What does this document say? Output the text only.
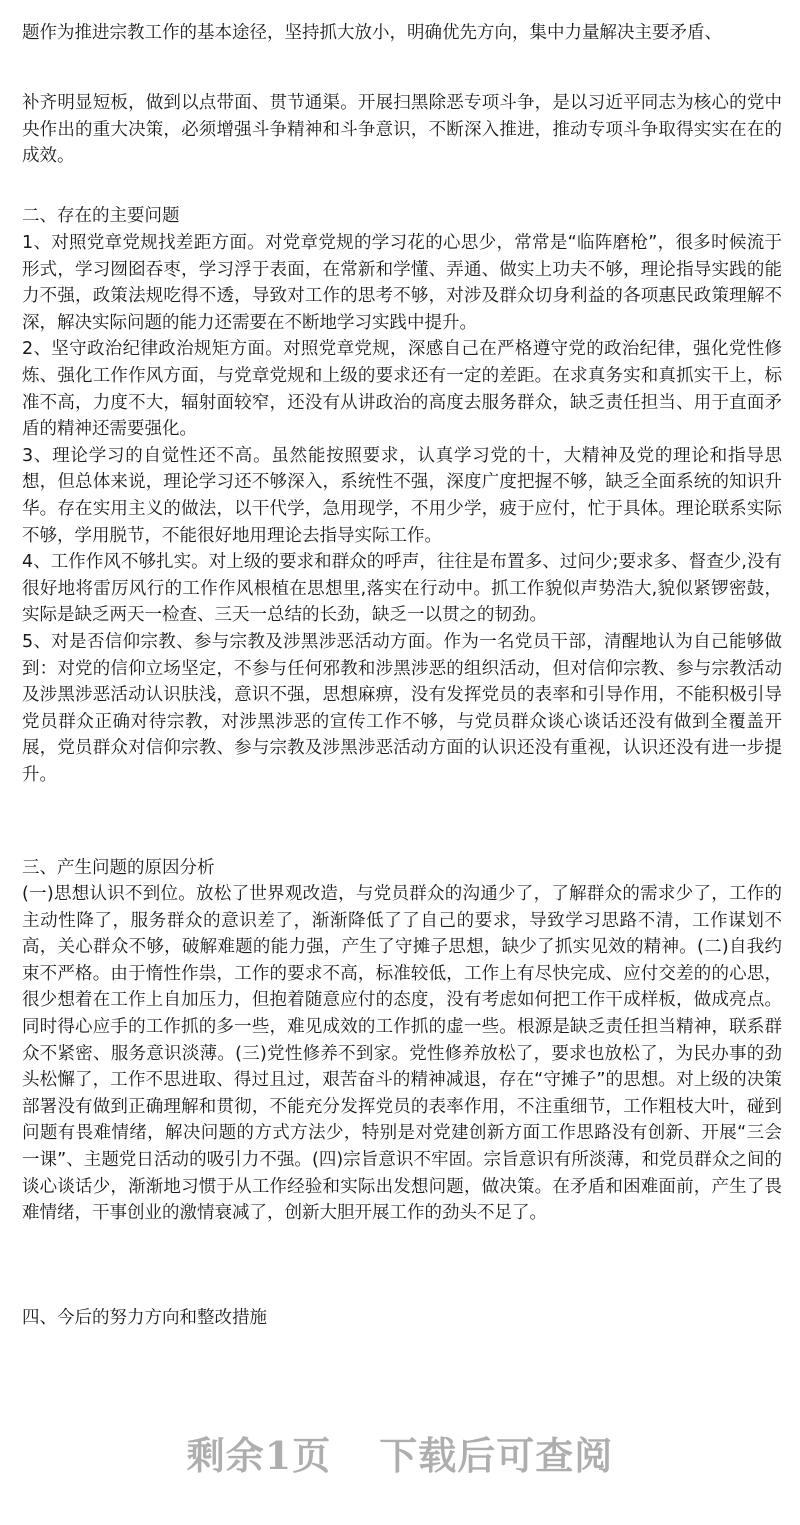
题作为推进宗教工作的基本途径，坚持抓大放小，明确优先方向，集中力量解决主要矛盾、
补齐明显短板，做到以点带面、贯节通渠。开展扫黑除恶专项斗争，是以习近平同志为核心的党中央作出的重大决策，必须增强斗争精神和斗争意识，不断深入推进，推动专项斗争取得实实在在的成效。
二、存在的主要问题

1、对照党章党规找差距方面。对党章党规的学习花的心思少，常常是“临阵磨枪”，很多时候流于形式，学习囫囵吞枣，学习浮于表面，在常新和学懂、弄通、做实上功夫不够，理论指导实践的能力不强，政策法规吃得不透，导致对工作的思考不够，对涉及群众切身利益的各项惠民政策理解不深，解决实际问题的能力还需要在不断地学习实践中提升。

2、坚守政治纪律政治规矩方面。对照党章党规，深感自己在严格遵守党的政治纪律，强化党性修炼、强化工作作风方面，与党章党规和上级的要求还有一定的差距。在求真务实和真抓实干上，标准不高，力度不大，辐射面较窄，还没有从讲政治的高度去服务群众，缺乏责任担当、用于直面矛盾的精神还需要强化。

3、理论学习的自觉性还不高。虽然能按照要求，认真学习党的十，大精神及党的理论和指导思想，但总体来说，理论学习还不够深入，系统性不强，深度广度把握不够，缺乏全面系统的知识升华。存在实用主义的做法，以干代学，急用现学，不用少学，疲于应付，忙于具体。理论联系实际不够，学用脱节，不能很好地用理论去指导实际工作。

4、工作作风不够扎实。对上级的要求和群众的呼声，往往是布置多、过问少;要求多、督查少,没有很好地将雷厉风行的工作作风根植在思想里,落实在行动中。抓工作貌似声势浩大,貌似紧锣密鼓，实际是缺乏两天一检查、三天一总结的长劲，缺乏一以贯之的韧劲。

5、对是否信仰宗教、参与宗教及涉黑涉恶活动方面。作为一名党员干部，清醒地认为自己能够做到：对党的信仰立场坚定，不参与任何邪教和涉黑涉恶的组织活动，但对信仰宗教、参与宗教活动及涉黑涉恶活动认识肤浅，意识不强，思想麻痹，没有发挥党员的表率和引导作用，不能积极引导党员群众正确对待宗教，对涉黑涉恶的宣传工作不够，与党员群众谈心谈话还没有做到全覆盖开展，党员群众对信仰宗教、参与宗教及涉黑涉恶活动方面的认识还没有重视，认识还没有进一步提升。

三、产生问题的原因分析
(一)思想认识不到位。放松了世界观改造，与党员群众的沟通少了，了解群众的需求少了，工作的主动性降了，服务群众的意识差了，渐渐降低了了自己的要求，导致学习思路不清，工作谋划不高，关心群众不够，破解难题的能力强，产生了守摊子思想，缺少了抓实见效的精神。(二)自我约束不严格。由于惰性作祟，工作的要求不高，标准较低，工作上有尽快完成、应付交差的的心思，很少想着在工作上自加压力，但抱着随意应付的态度，没有考虑如何把工作干成样板，做成亮点。同时得心应手的工作抓的多一些，难见成效的工作抓的虚一些。根源是缺乏责任担当精神，联系群众不紧密、服务意识淡薄。(三)党性修养不到家。党性修养放松了，要求也放松了，为民办事的劲头松懈了，工作不思进取、得过且过，艰苦奋斗的精神减退，存在“守摊子”的思想。对上级的决策部署没有做到正确理解和贯彻，不能充分发挥党员的表率作用，不注重细节，工作粗枝大叶，碰到问题有畏难情绪，解决问题的方式方法少，特别是对党建创新方面工作思路没有创新、开展“三会一课”、主题党日活动的吸引力不强。(四)宗旨意识不牢固。宗旨意识有所淡薄，和党员群众之间的谈心谈话少，渐渐地习惯于从工作经验和实际出发想问题，做决策。在矛盾和困难面前，产生了畏难情绪，干事创业的激情衰减了，创新大胆开展工作的劲头不足了。
四、今后的努力方向和整改措施
剩余1页 下载后可查阅
